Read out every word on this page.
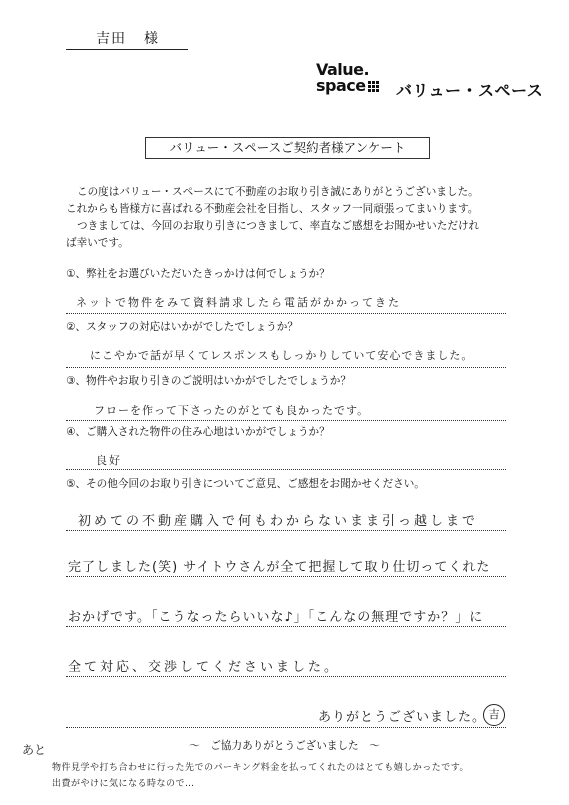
吉田 様
Value.
space	バリュー・スペース
バリュー・スペースご契約者様アンケート

この度はバリュー・スペースにて不動産のお取り引き誠にありがとうございました。

これからも皆様方に喜ばれる不動産会社を目指し、スタッフ一同頑張ってまいります。

つきましては、今回のお取り引きにつきまして、率直なご感想をお聞かせいただけれ

ば幸いです。

①、弊社をお選びいただいたきっかけは何でしょうか？
ネットで物件をみて資料請求したら電話がかかってきた
②、スタッフの対応はいかがでしたでしょうか？
にこやかで話が早くてレスポンスもしっかりしていて安心できました。
③、物件やお取り引きのご説明はいかがでしたでしょうか？
フローを作って下さったのがとても良かったです。
④、ご購入された物件の住み心地はいかがでしょうか？
良好
⑤、その他今回のお取り引きについてご意見、ご感想をお聞かせください。
初めての不動産購入で何もわからないまま引っ越しまで
完了しました(笑) サイトウさんが全て把握して取り仕切ってくれた
おかげです。「こうなったらいいな♪」「こんなの無理ですか？」に
全て対応、交渉してくださいました。
ありがとうございました。 吉
～　ご協力ありがとうございました　～
あと
物件見学や打ち合わせに行った先でのパーキング料金を払ってくれたのはとても嬉しかったです。
出費がやけに気になる時なので…
